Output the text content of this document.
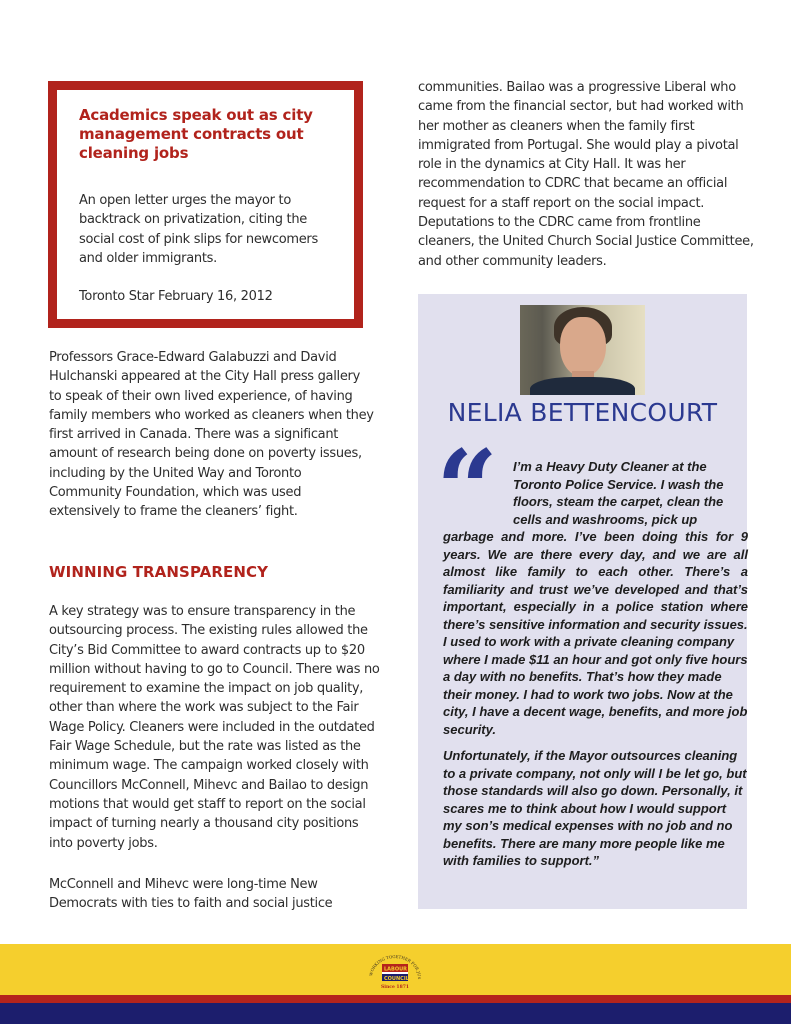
Academics speak out as city management contracts out cleaning jobs
An open letter urges the mayor to backtrack on privatization, citing the social cost of pink slips for newcomers and older immigrants.
Toronto Star February 16, 2012

Professors Grace-Edward Galabuzzi and David Hulchanski appeared at the City Hall press gallery to speak of their own lived experience, of having family members who worked as cleaners when they first arrived in Canada. There was a significant amount of research being done on poverty issues, including by the United Way and Toronto Community Foundation, which was used extensively to frame the cleaners’ fight.

WINNING TRANSPARENCY

A key strategy was to ensure transparency in the outsourcing process. The existing rules allowed the City’s Bid Committee to award contracts up to $20 million without having to go to Council. There was no requirement to examine the impact on job quality, other than where the work was subject to the Fair Wage Policy. Cleaners were included in the outdated Fair Wage Schedule, but the rate was listed as the minimum wage. The campaign worked closely with Councillors McConnell, Mihevc and Bailao to design motions that would get staff to report on the social impact of turning nearly a thousand city positions into poverty jobs.

McConnell and Mihevc were long-time New Democrats with ties to faith and social justice

communities. Bailao was a progressive Liberal who came from the financial sector, but had worked with her mother as cleaners when the family first immigrated from Portugal. She would play a pivotal role in the dynamics at City Hall. It was her recommendation to CDRC that became an official request for a staff report on the social impact. Deputations to the CDRC came from frontline cleaners, the United Church Social Justice Committee, and other community leaders.

NELIA BETTENCOURT
“ I’m a Heavy Duty Cleaner at the Toronto Police Service. I wash the floors, steam the carpet, clean the cells and washrooms, pick up

garbage and more. I’ve been doing this for 9 years. We are there every day, and we are all almost like family to each other. There’s a familiarity and trust we’ve developed and that’s important, especially in a police station where there’s sensitive information and security issues.

I used to work with a private cleaning company where I made $11 an hour and got only five hours a day with no benefits. That’s how they made their money. I had to work two jobs. Now at the city, I have a decent wage, benefits, and more job security.

Unfortunately, if the Mayor outsources cleaning to a private company, not only will I be let go, but those standards will also go down. Personally, it scares me to think about how I would support my son’s medical expenses with no job and no benefits. There are many more people like me with families to support.”

WORKING TOGETHER FOR JUS
LABOUR
COUNCIL
Since 1871
